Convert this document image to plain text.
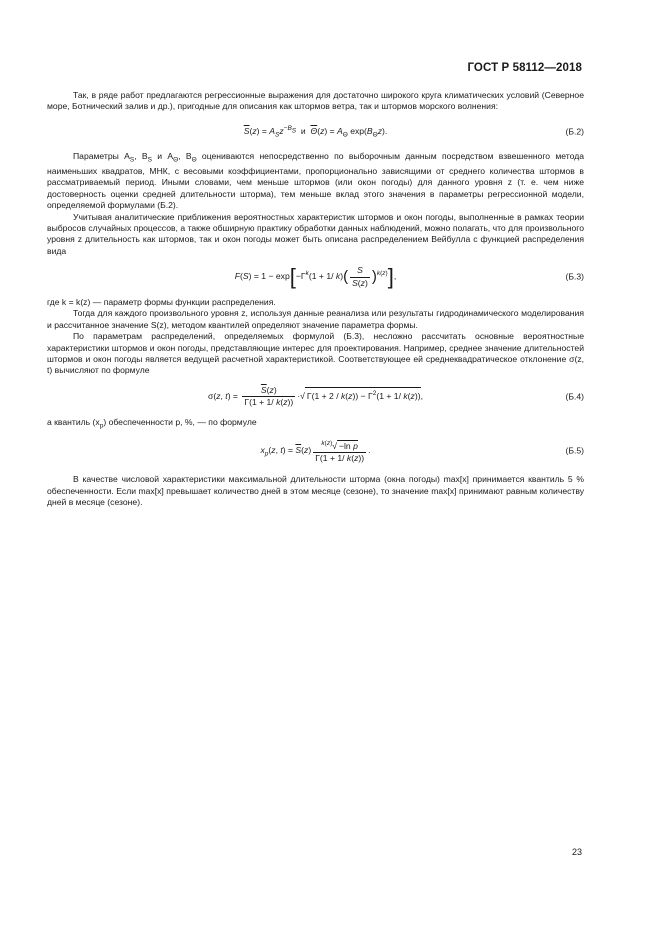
ГОСТ Р 58112—2018

Так, в ряде работ предлагаются регрессионные выражения для достаточно широкого круга климатических условий (Северное море, Ботнический залив и др.), пригодные для описания как штормов ветра, так и штормов морского волнения:

$\overline{S}(z) = A_Sz^{-B_S}$  и  $\overline{\Theta}(z) = A_\Theta$ $\exp(B_\Theta z)$.	(Б.2)

Параметры $A_S$, $B_S$ и $A_\Theta$, $B_\Theta$ оцениваются непосредственно по выборочным данным посредством взвешенного метода наименьших квадратов, МНК, с весовыми коэффициентами, пропорционально зависящими от среднего количества штормов в рассматриваемый период. Иными словами, чем меньше штормов (или окон погоды) для данного уровня z (т. е. чем ниже достоверность оценки средней длительности шторма), тем меньше вклад этого значения в параметры регрессионной модели, определяемой формулами (Б.2).

Учитывая аналитические приближения вероятностных характеристик штормов и окон погоды, выполненные в рамках теории выбросов случайных процессов, а также обширную практику обработки данных наблюдений, можно полагать, что для произвольного уровня z длительность как штормов, так и окон погоды может быть описана распределением Вейбулла с функцией распределения вида

$F(S) = 1 - \exp[-\Gamma^k(1 + 1/$ $k)( \frac{S}{\overline{S}(z)} )^{k(z)}$],	(Б.3)

где k = k(z) — параметр формы функции распределения.

Тогда для каждого произвольного уровня z, используя данные реанализа или результаты гидродинамического моделирования и рассчитанное значение S(z), методом квантилей определяют значение параметра формы.

По параметрам распределений, определяемых формулой (Б.3), несложно рассчитать основные вероятностные характеристики штормов и окон погоды, представляющие интерес для проектирования. Например, среднее значение длительностей штормов и окон погоды является ведущей расчетной характеристикой. Соответствующее ей среднеквадратическое отклонение σ(z, t) вычисляют по формуле

σ(z, $t) = \frac{\overline{S}(z)}{\Gamma(1 + 1/ k(z))}$ ·√ $\Gamma(1 + 2 / k(z)) - \Gamma^2(1 + 1/$ k(z)),	(Б.4)

а квантиль $(x_p)$ обеспеченности p, %, — по формуле

$x_p(z$, $t) = \overline{S}(z) \frac{^{k(z)}√ -\ln p}{\Gamma(1 + 1/ k(z))}$ .	(Б.5)

В качестве числовой характеристики максимальной длительности шторма (окна погоды) max[x] принимается квантиль 5 % обеспеченности. Если max[x] превышает количество дней в этом месяце (сезоне), то значение max[x] принимают равным количеству дней в месяце (сезоне).

23
